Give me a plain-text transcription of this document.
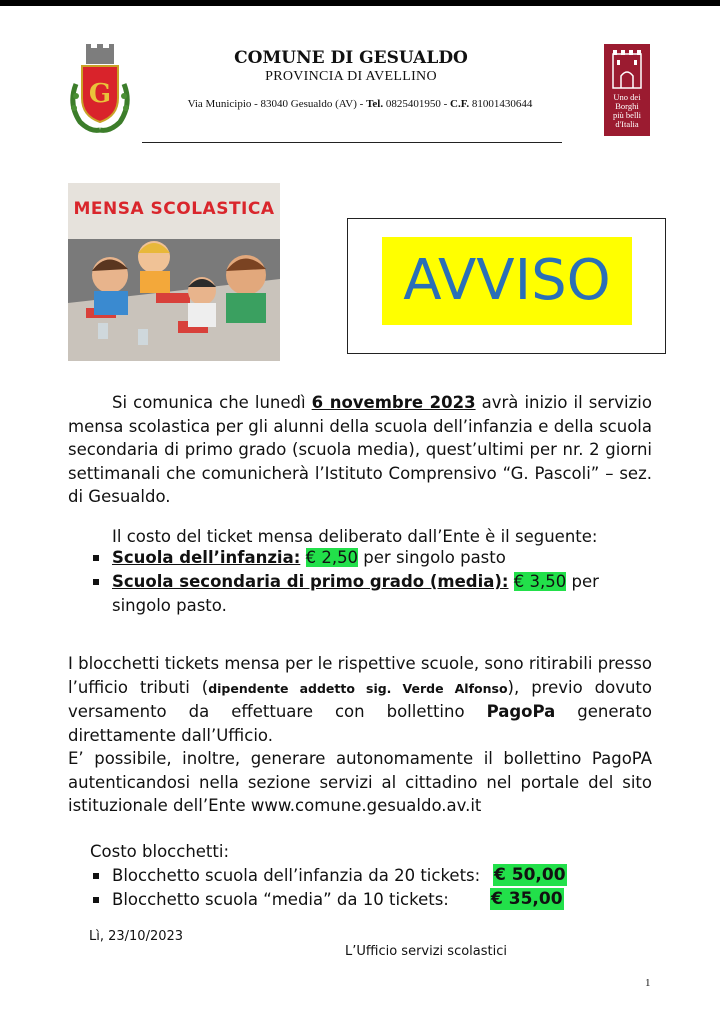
G
COMUNE DI GESUALDO
PROVINCIA DI AVELLINO
Via Municipio - 83040 Gesualdo (AV) - Tel. 0825401950 - C.F. 81001430644
Uno dei
Borghi
più belli
d'Italia
MENSA SCOLASTICA
AVVISO
Si comunica che lunedì 6 novembre 2023 avrà inizio il servizio mensa scolastica per gli alunni della scuola dell’infanzia e della scuola secondaria di primo grado (scuola media), quest’ultimi per nr. 2 giorni settimanali che comunicherà l’Istituto Comprensivo “G. Pascoli” – sez. di Gesualdo.
Il costo del ticket mensa deliberato dall’Ente è il seguente:
Scuola dell’infanzia: € 2,50 per singolo pasto
Scuola secondaria di primo grado (media): € 3,50 per
singolo pasto.
I blocchetti tickets mensa per le rispettive scuole, sono ritirabili presso l’ufficio tributi (dipendente addetto sig. Verde Alfonso), previo dovuto versamento da effettuare con bollettino PagoPa generato direttamente dall’Ufficio.
E’ possibile, inoltre, generare autonomamente il bollettino PagoPA autenticandosi nella sezione servizi al cittadino nel portale del sito istituzionale dell’Ente www.comune.gesualdo.av.it
Costo blocchetti:
Blocchetto scuola dell’infanzia da 20 tickets: € 50,00
Blocchetto scuola “media” da 10 tickets: € 35,00
Lì, 23/10/2023
L’Ufficio servizi scolastici
1
